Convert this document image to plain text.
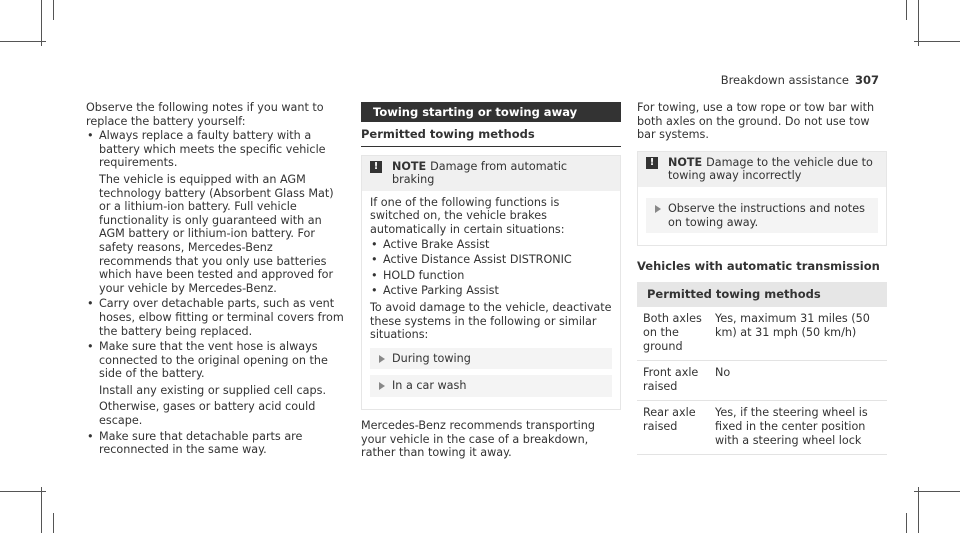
Breakdown assistance 307

Observe the following notes if you want to replace the battery yourself:

• Always replace a faulty battery with a battery which meets the specific vehicle requirements.
The vehicle is equipped with an AGM technology battery (Absorbent Glass Mat) or a lithium-ion battery. Full vehicle functionality is only guaranteed with an AGM battery or lithium-ion battery. For safety reasons, Mercedes-Benz recommends that you only use batteries which have been tested and approved for your vehicle by Mercedes-Benz.
• Carry over detachable parts, such as vent hoses, elbow fitting or terminal covers from the battery being replaced.
• Make sure that the vent hose is always connected to the original opening on the side of the battery.
Install any existing or supplied cell caps.
Otherwise, gases or battery acid could escape.
• Make sure that detachable parts are reconnected in the same way.
Towing starting or towing away
Permitted towing methods
!	NOTE Damage from automatic braking

If one of the following functions is switched on, the vehicle brakes automatically in certain situations:

• Active Brake Assist
• Active Distance Assist DISTRONIC
• HOLD function
• Active Parking Assist

To avoid damage to the vehicle, deactivate these systems in the following or similar situations:

During towing
In a car wash

Mercedes-Benz recommends transporting your vehicle in the case of a breakdown, rather than towing it away.

For towing, use a tow rope or tow bar with both axles on the ground. Do not use tow bar systems.

!	NOTE Damage to the vehicle due to towing away incorrectly
Observe the instructions and notes on towing away.
Vehicles with automatic transmission
Permitted towing methods	
Both axles on the ground	Yes, maximum 31 miles (50 km) at 31 mph (50 km/h)
Front axle raised	No
Rear axle raised	Yes, if the steering wheel is fixed in the center position with a steering wheel lock
